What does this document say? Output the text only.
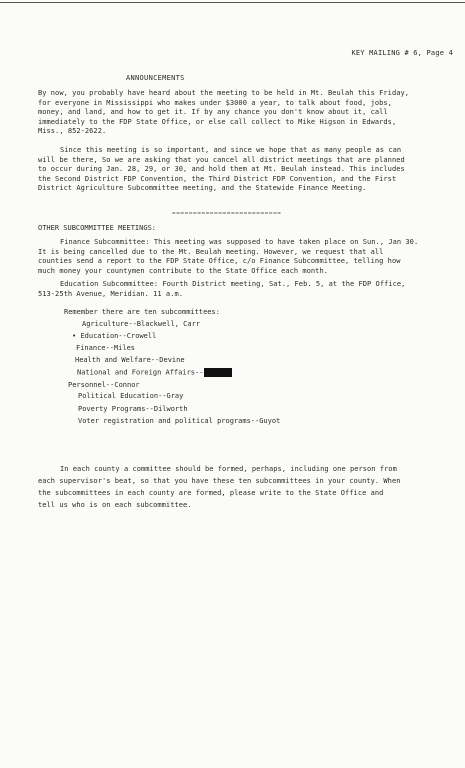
KEY MAILING # 6, Page 4
ANNOUNCEMENTS
By now, you probably have heard about the meeting to be held in Mt. Beulah this Friday,
for everyone in Mississippi who makes under $3000 a year, to talk about food, jobs,
money, and land, and how to get it. If by any chance you don't know about it, call
immediately to the FDP State Office, or else call collect to Mike Higson in Edwards,
Miss., 852-2622.
Since this meeting is so important, and since we hope that as many people as can
will be there, So we are asking that you cancel all district meetings that are planned
to occur during Jan. 28, 29, or 30, and hold them at Mt. Beulah instead. This includes
the Second District FDP Convention, the Third District FDP Convention, and the First
District Agriculture Subcommittee meeting, and the Statewide Finance Meeting.
==========================
OTHER SUBCOMMITTEE MEETINGS:
Finance Subcommittee: This meeting was supposed to have taken place on Sun., Jan 30.
It is being cancelled due to the Mt. Beulah meeting. However, we request that all
counties send a report to the FDP State Office, c/o Finance Subcommittee, telling how
much money your countymen contribute to the State Office each month.
Education Subcommittee: Fourth District meeting, Sat., Feb. 5, at the FDP Office,
513-25th Avenue, Meridian. 11 a.m.
Remember there are ten subcommittees:
Agriculture--Blackwell, Carr
• Education--Crowell
Finance--Miles
Health and Welfare--Devine
National and Foreign Affairs--
Personnel--Connor
Political Education--Gray
Poverty Programs--Dilworth
Voter registration and political programs--Guyot
In each county a committee should be formed, perhaps, including one person from
each supervisor's beat, so that you have these ten subcommittees in your county. When
the subcommittees in each county are formed, please write to the State Office and
tell us who is on each subcommittee.
